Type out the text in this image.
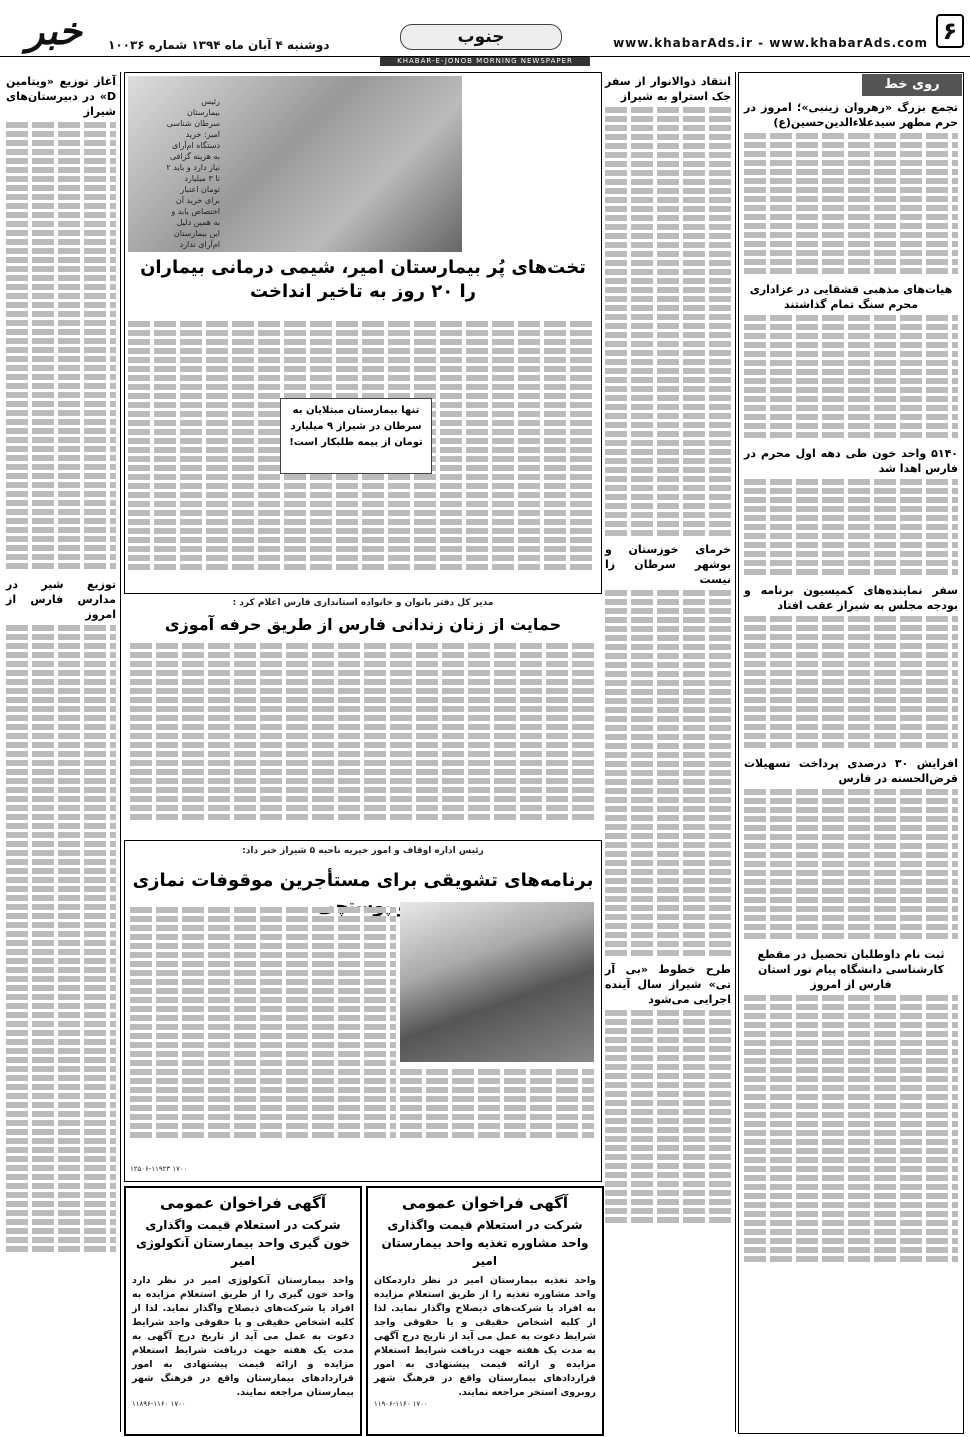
۶
www.khabarAds.ir - www.khabarAds.com
جنوب
دوشنبه ۴ آبان ماه ۱۳۹۴ شماره ۱۰۰۳۶
خبر
KHABAR-E-JONOB MORNING NEWSPAPER
روی خط
تجمع بزرگ «رهروان زینبی»؛ امروز در حرم مطهر سیدعلاءالدین‌حسین(ع)
هیات‌های مذهبی قشقایی در عزاداری محرم سنگ تمام گذاشتند
۵۱۴۰ واحد خون طی دهه اول محرم در فارس اهدا شد
سفر نماینده‌های کمیسیون برنامه و بودجه مجلس به شیراز عقب افتاد
افزایش ۳۰ درصدی پرداخت تسهیلات قرض‌الحسنه در فارس
ثبت نام داوطلبان تحصیل در مقطع کارشناسی دانشگاه پیام نور استان فارس از امروز
انتقاد ذوالانوار از سفر جک استراو به شیراز
خرمای خوزستان و بوشهر سرطان زا نیست
طرح خطوط «بی آر تی» شیراز سال آینده اجرایی می‌شود
رئیس بیمارستان سرطان شناسی امیر: خرید دستگاه ام‌آر‌ای به هزینه گزافی نیاز دارد و باید ۲ تا ۳ میلیارد تومان اعتبار برای خرید آن اختصاص یابد و به همین دلیل این بیمارستان ام‌آر‌ای ندارد
تخت‌های پُر بیمارستان امیر، شیمی درمانی بیماران را ۲۰ روز به تاخیر انداخت
تنها بیمارستان مبتلایان به سرطان در شیراز ۹ میلیارد تومان از بیمه طلبکار است!
مدیر کل دفتر بانوان و خانواده استانداری فارس اعلام کرد :
حمایت از زنان زندانی فارس از طریق حرفه آموزی
رئیس اداره اوقاف و امور خیریه ناحیه ۵ شیراز خبر داد:
برنامه‌های تشویقی برای مستأجرین موقوفات نمازی
۱۲۵۰۶-۱۱۹۲۳ ۱۷۰۰
آگهی فراخوان عمومی
شرکت در استعلام قیمت واگذاری واحد مشاوره تغذیه واحد بیمارستان امیر
واحد تغذیه بیمارستان امیر در نظر داردمکان واحد مشاوره تغذیه را از طریق استعلام مزایده به افراد یا شرکت‌های ذیصلاح واگذار نماید. لذا از کلیه اشخاص حقیقی و یا حقوقی واجد شرایط دعوت به عمل می آید از تاریخ درج آگهی به مدت یک هفته جهت دریافت شرایط استعلام مزایده و ارائه قیمت پیشنهادی به امور قراردادهای بیمارستان واقع در فرهنگ شهر روبروی استخر مراجعه نمایند.
۱۱۹۰۶-۱۱۶۰ ۱۷۰۰
آگهی فراخوان عمومی
شرکت در استعلام قیمت واگذاری خون گیری واحد بیمارستان آنکولوژی امیر
واحد بیمارستان آنکولوژی امیر در نظر دارد واحد خون گیری را از طریق استعلام مزایده به افراد یا شرکت‌های ذیصلاح واگذار نماید. لذا از کلیه اشخاص حقیقی و یا حقوقی واجد شرایط دعوت به عمل می آید از تاریخ درج آگهی به مدت یک هفته جهت دریافت شرایط استعلام مزایده و ارائه قیمت پیشنهادی به امور قراردادهای بیمارستان واقع در فرهنگ شهر بیمارستان مراجعه نمایند.
۱۱۸۹۶-۱۱۶۰ ۱۷۰۰
آغاز توزیع «ویتامین D» در دبیرستان‌های شیراز
توزیع شیر در مدارس فارس از امروز
